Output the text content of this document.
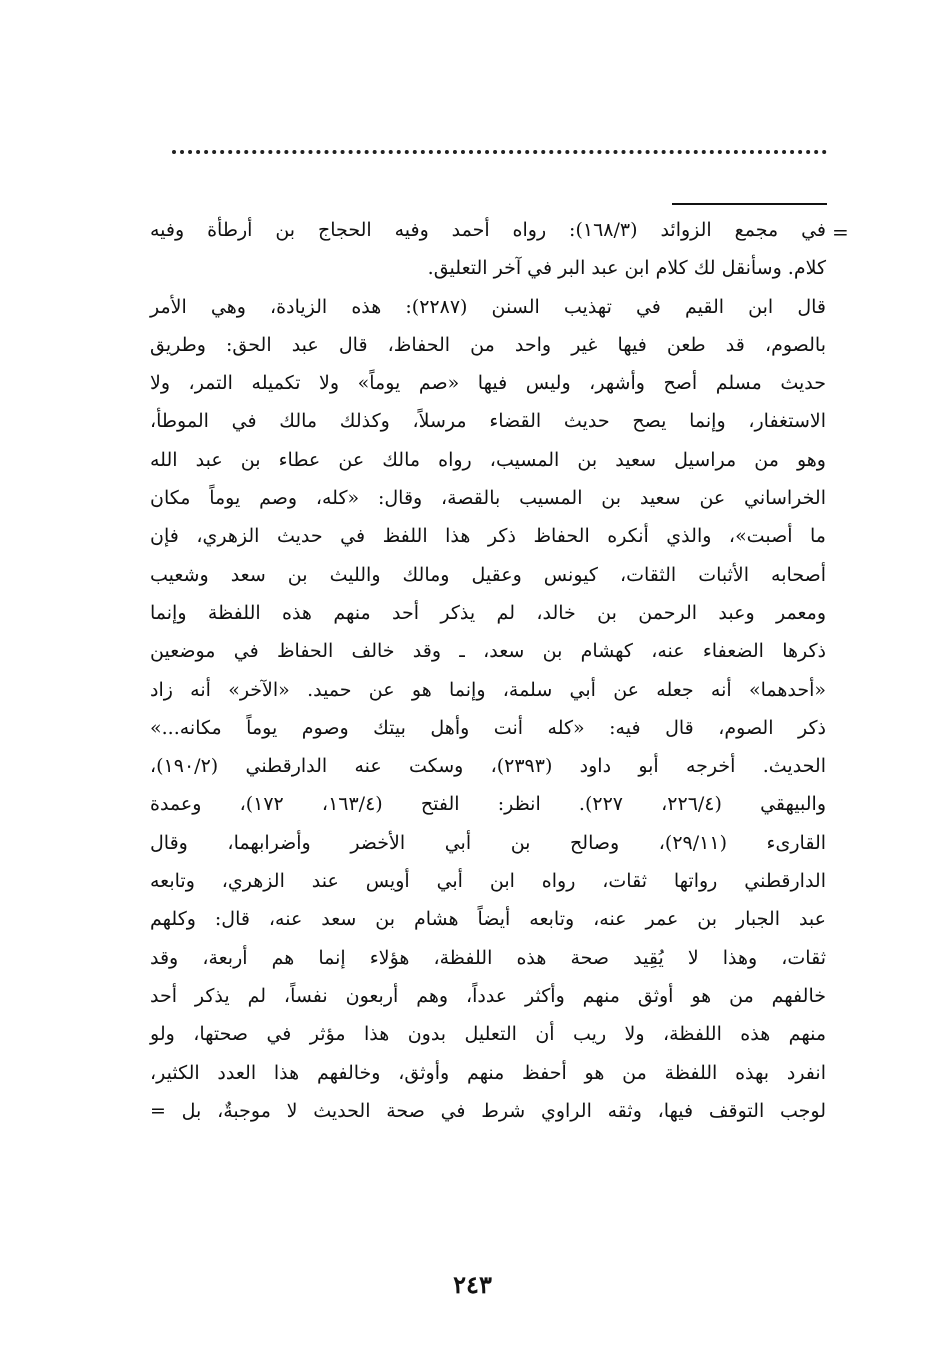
=
في مجمع الزوائد (١٦٨/٣): رواه أحمد وفيه الحجاج بن أرطأة وفيه
كلام. وسأنقل لك كلام ابن عبد البر في آخر التعليق.
قال ابن القيم في تهذيب السنن (٢٢٨٧): هذه الزيادة، وهي الأمر
بالصوم، قد طعن فيها غير واحد من الحفاظ، قال عبد الحق: وطريق
حديث مسلم أصح وأشهر، وليس فيها «صم يوماً» ولا تكميله التمر، ولا
الاستغفار، وإنما يصح حديث القضاء مرسلاً، وكذلك مالك في الموطأ،
وهو من مراسيل سعيد بن المسيب، رواه مالك عن عطاء بن عبد الله
الخراساني عن سعيد بن المسيب بالقصة، وقال: «كله، وصم يوماً مكان
ما أصبت»، والذي أنكره الحفاظ ذكر هذا اللفظ في حديث الزهري، فإن
أصحابه الأثبات الثقات، كيونس وعقيل ومالك والليث بن سعد وشعيب
ومعمر وعبد الرحمن بن خالد، لم يذكر أحد منهم هذه اللفظة وإنما
ذكرها الضعفاء عنه، كهشام بن سعد، ـ وقد خالف الحفاظ في موضعين
«أحدهما» أنه جعله عن أبي سلمة، وإنما هو عن حميد. «الآخر» أنه زاد
ذكر الصوم، قال فيه: «كله أنت وأهل بيتك وصوم يوماً مكانه...»
الحديث. أخرجه أبو داود (٢٣٩٣)، وسكت عنه الدارقطني (١٩٠/٢)،
والبيهقي (٢٢٦/٤، ٢٢٧). انظر: الفتح (١٦٣/٤، ١٧٢)، وعمدة
القارىء (٢٩/١١)، وصالح بن أبي الأخضر وأضرابهما، وقال
الدارقطني رواتها ثقات، رواه ابن أبي أويس عند الزهري، وتابعه
عبد الجبار بن عمر عنه، وتابعه أيضاً هشام بن سعد عنه، قال: وكلهم
ثقات، وهذا لا يُقِيد صحة هذه اللفظة، هؤلاء إنما هم أربعة، وقد
خالفهم من هو أوثق منهم وأكثر عدداً، وهم أربعون نفساً، لم يذكر أحد
منهم هذه اللفظة، ولا ريب أن التعليل بدون هذا مؤثر في صحتها، ولو
انفرد بهذه اللفظة من هو أحفظ منهم وأوثق، وخالفهم هذا العدد الكثير،
لوجب التوقف فيها، وثقه الراوي شرط في صحة الحديث لا موجبةٌ، بل =
٢٤٣
